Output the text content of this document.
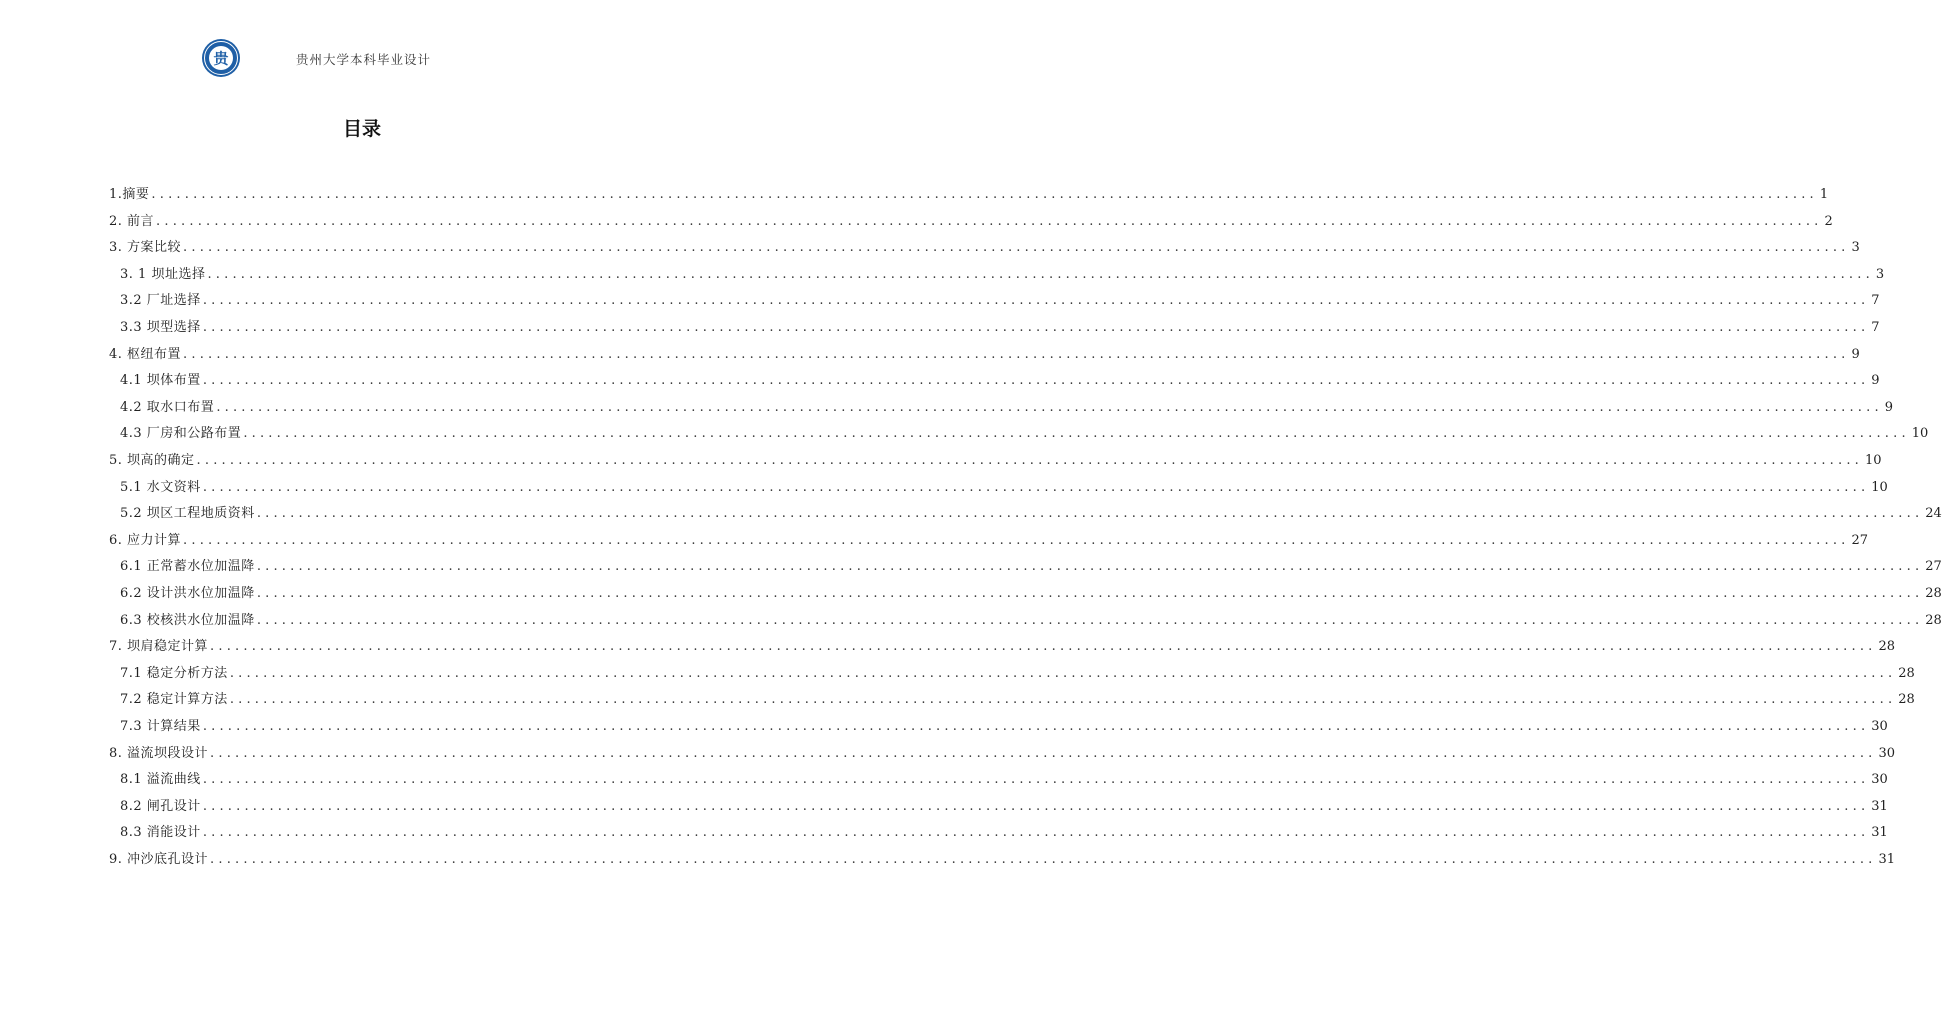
贵	贵州大学本科毕业设计
目录
1.摘要 ........................................................................................................................................................................................................ 1
2. 前言 ........................................................................................................................................................................................................ 2
3. 方案比较 ........................................................................................................................................................................................................ 3
3. 1 坝址选择 ........................................................................................................................................................................................................ 3
3.2 厂址选择 ........................................................................................................................................................................................................ 7
3.3 坝型选择 ........................................................................................................................................................................................................ 7
4. 枢纽布置 ........................................................................................................................................................................................................ 9
4.1 坝体布置 ........................................................................................................................................................................................................ 9
4.2 取水口布置 ........................................................................................................................................................................................................ 9
4.3 厂房和公路布置 ........................................................................................................................................................................................................ 10
5. 坝高的确定 ........................................................................................................................................................................................................ 10
5.1 水文资料 ........................................................................................................................................................................................................ 10
5.2 坝区工程地质资料 ........................................................................................................................................................................................................ 24
6. 应力计算 ........................................................................................................................................................................................................ 27
6.1 正常蓄水位加温降 ........................................................................................................................................................................................................ 27
6.2 设计洪水位加温降 ........................................................................................................................................................................................................ 28
6.3 校核洪水位加温降 ........................................................................................................................................................................................................ 28
7. 坝肩稳定计算 ........................................................................................................................................................................................................ 28
7.1 稳定分析方法 ........................................................................................................................................................................................................ 28
7.2 稳定计算方法 ........................................................................................................................................................................................................ 28
7.3 计算结果 ........................................................................................................................................................................................................ 30
8. 溢流坝段设计 ........................................................................................................................................................................................................ 30
8.1 溢流曲线 ........................................................................................................................................................................................................ 30
8.2 闸孔设计 ........................................................................................................................................................................................................ 31
8.3 消能设计 ........................................................................................................................................................................................................ 31
9. 冲沙底孔设计 ........................................................................................................................................................................................................ 31
